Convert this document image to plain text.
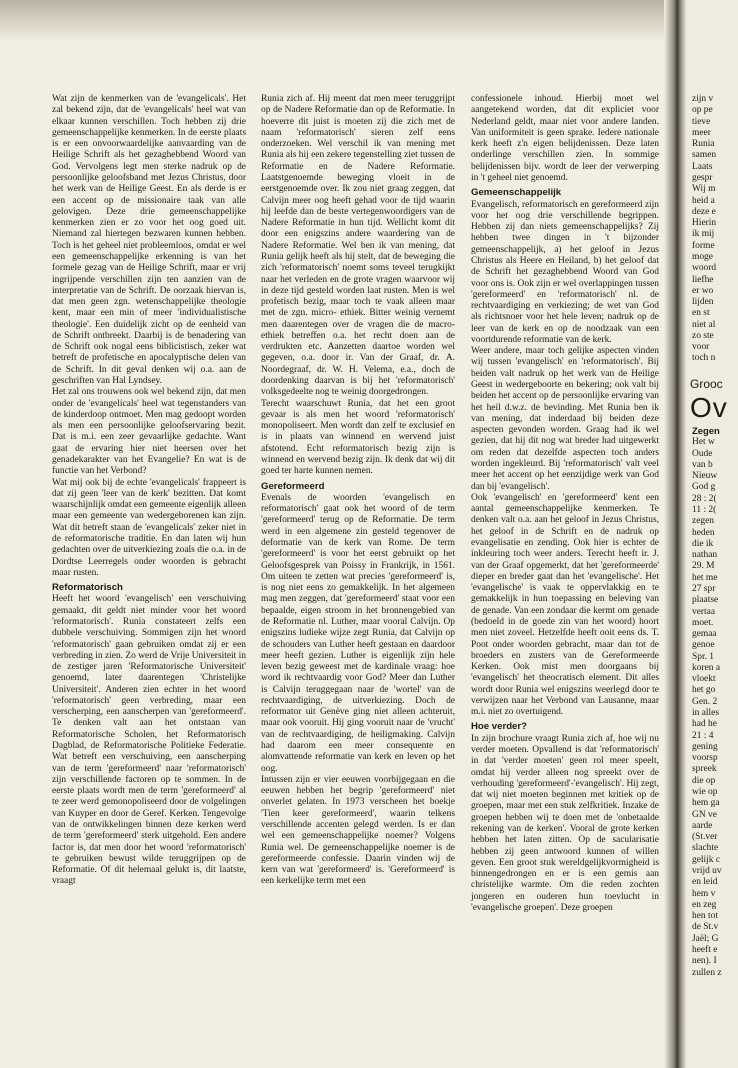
Wat zijn de kenmerken van de 'evangelicals'. Het zal bekend zijn, dat de 'evangelicals' heel wat van elkaar kunnen verschillen. Toch hebben zij drie gemeenschappelijke kenmerken. In de eerste plaats is er een onvoorwaardelijke aanvaarding van de Heilige Schrift als het gezaghebbend Woord van God. Vervolgens legt men sterke nadruk op de persoonlijke geloofsband met Jezus Christus, door het werk van de Heilige Geest. En als derde is er een accent op de missionaire taak van alle gelovigen. Deze drie gemeenschappelijke kenmerken zien er zo voor het oog goed uit. Niemand zal hiertegen bezwaren kunnen hebben. Toch is het geheel niet probleemloos, omdat er wel een gemeenschappelijke erkenning is van het formele gezag van de Heilige Schrift, maar er vrij ingrijpende verschillen zijn ten aanzien van de interpretatie van de Schrift. De oorzaak hiervan is, dat men geen zgn. wetenschappelijke theologie kent, maar een min of meer 'individualistische theologie'. Een duidelijk zicht op de eenheid van de Schrift ontbreekt. Daarbij is de benadering van de Schrift ook nogal eens biblicistisch, zeker wat betreft de profetische en apocalyptische delen van de Schrift. In dit geval denken wij o.a. aan de geschriften van Hal Lyndsey.

Het zal ons trouwens ook wel bekend zijn, dat men onder de 'evangelicals' heel wat tegenstanders van de kinderdoop ontmoet. Men mag gedoopt worden als men een persoonlijke geloofservaring bezit. Dat is m.i. een zeer gevaarlijke gedachte. Want gaat de ervaring hier niet heersen over het genadekarakter van het Evangelie? En wat is de functie van het Verbond?

Wat mij ook bij de echte 'evangelicals' frappeert is dat zij geen 'leer van de kerk' bezitten. Dat komt waarschijnlijk omdat een gemeente eigenlijk alleen maar een gemeente van wedergeborenen kan zijn. Wat dit betreft staan de 'evangelicals' zeker niet in de reformatorische traditie. En dan laten wij hun gedachten over de uitverkiezing zoals die o.a. in de Dordtse Leerregels onder woorden is gebracht maar rusten.

Reformatorisch

Heeft het woord 'evangelisch' een verschuiving gemaakt, dit geldt niet minder voor het woord 'reformatorisch'. Runia constateert zelfs een dubbele verschuiving. Sommigen zijn het woord 'reformatorisch' gaan gebruiken omdat zij er een verbreding in zien. Zo werd de Vrije Universiteit in de zestiger jaren 'Reformatorische Universiteit' genoemd, later daarentegen 'Christelijke Universiteit'. Anderen zien echter in het woord 'reformatorisch' geen verbreding, maar een verscherping, een aanscherpen van 'gereformeerd'. Te denken valt aan het ontstaan van Reformatorische Scholen, het Reformatorisch Dagblad, de Reformatorische Politieke Federatie. Wat betreft een verschuiving, een aanscherping van de term 'gereformeerd' naar 'reformatorisch' zijn verschillende factoren op te sommen. In de eerste plaats wordt men de term 'gereformeerd' al te zeer werd gemonopoliseerd door de volgelingen van Kuyper en door de Geref. Kerken. Tengevolge van de ontwikkelingen binnen deze kerken werd de term 'gereformeerd' sterk uitgehold. Een andere factor is, dat men door het woord 'reformatorisch' te gebruiken bewust wilde teruggrijpen op de Reformatie. Of dit helemaal gelukt is, dit laatste, vraagt

Runia zich af. Hij meent dat men meer teruggrijpt op de Nadere Reformatie dan op de Reformatie. In hoeverre dit juist is moeten zij die zich met de naam 'reformatorisch' sieren zelf eens onderzoeken. Wel verschil ik van mening met Runia als hij een zekere tegenstelling ziet tussen de Reformatie en de Nadere Reformatie. Laatstgenoemde beweging vloeit in de eerstgenoemde over. Ik zou niet graag zeggen, dat Calvijn meer oog heeft gehad voor de tijd waarin hij leefde dan de beste vertegenwoordigers van de Nadere Reformatie in hun tijd. Wellicht komt dit door een enigszins andere waardering van de Nadere Reformatie. Wel ben ik van mening, dat Runia gelijk heeft als hij stelt, dat de beweging die zich 'reformatorisch' noemt soms teveel terugkijkt naar het verleden en de grote vragen waarvoor wij in deze tijd gesteld worden laat rusten. Men is wel profetisch bezig, maar toch te vaak alleen maar met de zgn. micro- ethiek. Bitter weinig vernemt men daarentegen over de vragen die de macro-ethiek betreffen o.a. het recht doen aan de verdrukten etc. Aanzetten daartoe worden wel gegeven, o.a. door ir. Van der Graaf, dr. A. Noordegraaf, dr. W. H. Velema, e.a., doch de doordenking daarvan is bij het 'reformatorisch' volksgedeelte nog te weinig doorgedrongen.

Terecht waarschuwt Runia, dat het een groot gevaar is als men het woord 'reformatorisch' monopoliseert. Men wordt dan zelf te exclusief en is in plaats van winnend en wervend juist afstotend. Echt reformatorisch bezig zijn is winnend en wervend bezig zijn. Ik denk dat wij dit goed ter harte kunnen nemen.

Gereformeerd

Evenals de woorden 'evangelisch en reformatorisch' gaat ook het woord of de term 'gereformeerd' terug op de Reformatie. De term werd in een algemene zin gesteld tegenover de deformatie van de kerk van Rome. De term 'gereformeerd' is voor het eerst gebruikt op het Geloofsgesprek van Poissy in Frankrijk, in 1561. Om uiteen te zetten wat precies 'gereformeerd' is, is nog niet eens zo gemakkelijk. In het algemeen mag men zeggen, dat 'gereformeerd' staat voor een bepaalde, eigen stroom in het bronnengebied van de Reformatie nl. Luther, maar vooral Calvijn. Op enigszins ludieke wijze zegt Runia, dat Calvijn op de schouders van Luther heeft gestaan en daardoor meer heeft gezien. Luther is eigenlijk zijn hele leven bezig geweest met de kardinale vraag: hoe word ik rechtvaardig voor God? Meer dan Luther is Calvijn teruggegaan naar de 'wortel' van de rechtvaardiging, de uitverkiezing. Doch de reformator uit Genève ging niet alleen achteruit, maar ook vooruit. Hij ging vooruit naar de 'vrucht' van de rechtvaardiging, de heiligmaking. Calvijn had daarom een meer consequente en alomvattende reformatie van kerk en leven op het oog.

Intussen zijn er vier eeuwen voorbijgegaan en die eeuwen hebben het begrip 'gereformeerd' niet onverlet gelaten. In 1973 verscheen het boekje 'Tien keer gereformeerd', waarin telkens verschillende accenten gelegd werden. Is er dan wel een gemeenschappelijke noemer? Volgens Runia wel. De gemeenschappelijke noemer is de gereformeerde confessie. Daarin vinden wij de kern van wat 'gereformeerd' is. 'Gereformeerd' is een kerkelijke term met een

confessionele inhoud. Hierbij moet wel aangetekend worden, dat dit expliciet voor Nederland geldt, maar niet voor andere landen. Van uniformiteit is geen sprake. Iedere nationale kerk heeft z'n eigen belijdenissen. Deze laten onderlinge verschillen zien. In sommige belijdenissen bijv. wordt de leer der verwerping in 't geheel niet genoemd.

Gemeenschappelijk

Evangelisch, reformatorisch en gereformeerd zijn voor het oog drie verschillende begrippen. Hebben zij dan niets gemeenschappelijks? Zij hebben twee dingen in 't bijzonder gemeenschappelijk, a) het geloof in Jezus Christus als Heere en Heiland, b) het geloof dat de Schrift het gezaghebbend Woord van God voor ons is. Ook zijn er wel overlappingen tussen 'gereformeerd' en 'reformatorisch' nl. de rechtvaardiging en verkiezing; de wet van God als richtsnoer voor het hele leven; nadruk op de leer van de kerk en op de noodzaak van een voortdurende reformatie van de kerk.

Weer andere, maar toch gelijke aspecten vinden wij tussen 'evangelisch' en 'reformatorisch'. Bij beiden valt nadruk op het werk van de Heilige Geest in wedergeboorte en bekering; ook valt bij beiden het accent op de persoonlijke ervaring van het heil d.w.z. de bevinding. Met Runia ben ik van mening, dat inderdaad bij beiden deze aspecten gevonden worden. Graag had ik wel gezien, dat hij dit nog wat breder had uitgewerkt om reden dat dezelfde aspecten toch anders worden ingekleurd. Bij 'reformatorisch' valt veel meer het accent op het eenzijdige werk van God dan bij 'evangelisch'.

Ook 'evangelisch' en 'gereformeerd' kent een aantal gemeenschappelijke kenmerken. Te denken valt o.a. aan het geloof in Jezus Christus, het geloof in de Schrift en de nadruk op evangelisatie en zending. Ook hier is echter de inkleuring toch weer anders. Terecht heeft ir. J. van der Graaf opgemerkt, dat het 'gereformeerde' dieper en breder gaat dan het 'evangelische'. Het 'evangelische' is vaak te oppervlakkig en te gemakkelijk in hun toepassing en beleving van de genade. Van een zondaar die kermt om genade (bedoeld in de goede zin van het woord) hoort men niet zoveel. Hetzelfde heeft ooit eens ds. T. Poot onder woorden gebracht, maar dan tot de broeders en zusters van de Gereformeerde Kerken. Ook mist men doorgaans bij 'evangelisch' het theocratisch element. Dit alles wordt door Runia wel enigszins weerlegd door te verwijzen naar het Verbond van Lausanne, maar m.i. niet zo overtuigend.

Hoe verder?

In zijn brochure vraagt Runia zich af, hoe wij nu verder moeten. Opvallend is dat 'reformatorisch' in dat 'verder moeten' geen rol meer speelt, omdat hij verder alleen nog spreekt over de verhouding 'gereformeerd'-'evangelisch'. Hij zegt, dat wij niet moeten beginnen met kritiek op de groepen, maar met een stuk zelfkritiek. Inzake de groepen hebben wij te doen met de 'onbetaalde rekening van de kerken'. Vooral de grote kerken hebben het laten zitten. Op de sacularisatie hebben zij geen antwoord kunnen of willen geven. Een groot stuk wereldgelijkvormigheid is binnengedrongen en er is een gemis aan christelijke warmte. Om die reden zochten jongeren en ouderen hun toevlucht in 'evangelische groepen'. Deze groepen

zijn v
op pe
tieve
meer
Runia
samen
Laats
gespr
Wij m
heid a
deze e
Hierin
ik mij
forme
moge
woord
liefhe
er wo
lijden
en st
niet al
zo ste
voor
toch n
Grooc
Ov
Zegen
Het w
Oude
van b
Nieuw
God g
28 : 2(
11 : 2(
zegen
heden
die ik
nathan
29. M
het me
27 spr
plaatse
vertaa
moet.
gemaa
genoe
Spr. 1
koren a
vloekt
het go
Gen. 2
in alles
had he
21 : 4
gening
voorsp
spreek
die op
wie op
hem ga
GN ve
aarde
(St.ver
slachte
gelijk c
vrijd uv
en leid
hem v
en zeg
hen tot
de St.v
Jaël; G
heeft e
nen). I
zullen z
